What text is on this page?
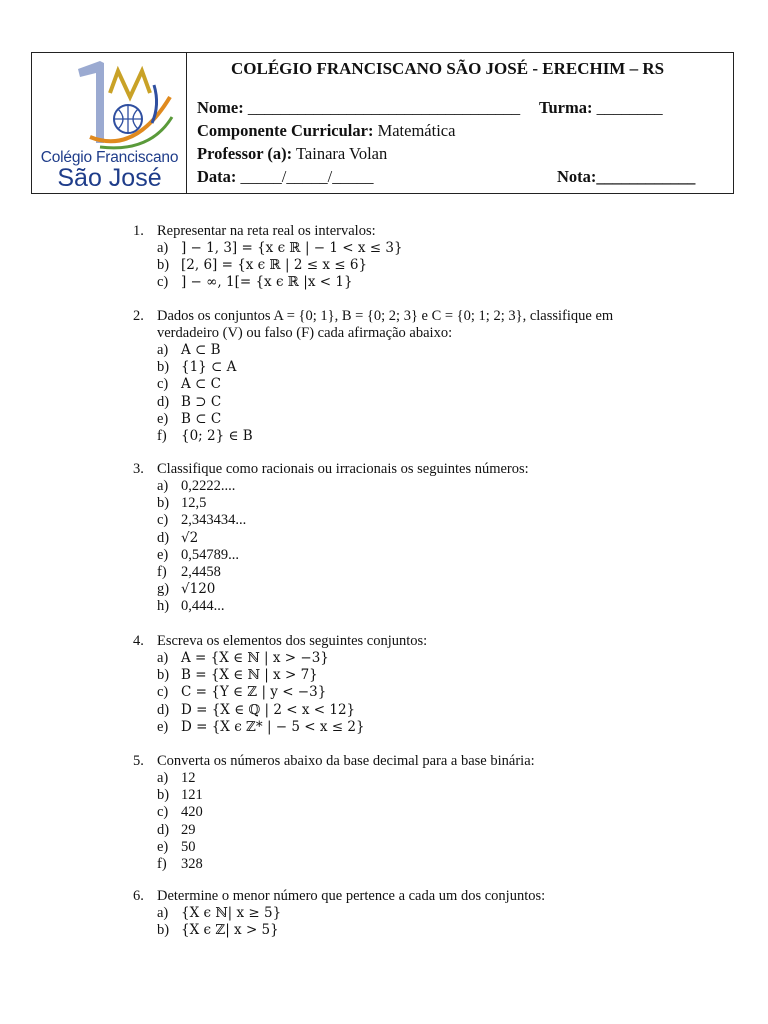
Colégio Franciscano
São José
COLÉGIO FRANCISCANO SÃO JOSÉ - ERECHIM – RS
Nome: _________________________________ Turma: ________
Componente Curricular: Matemática
Professor (a): Tainara Volan
Data: _____/_____/_____	Nota:____________
1. Representar na reta real os intervalos:
a) ] − 1, 3] = {x ϵ ℝ | − 1 < x ≤ 3}
b) [2, 6] = {x ϵ ℝ | 2 ≤ x ≤ 6}
c) ] − ∞, 1[= {x ϵ ℝ |x < 1}
2. Dados os conjuntos A = {0; 1}, B = {0; 2; 3} e C = {0; 1; 2; 3}, classifique em verdadeiro (V) ou falso (F) cada afirmação abaixo:
a) A ⊂ B
b) {1} ⊂ A
c) A ⊂ C
d) B ⊃ C
e) B ⊂ C
f) {0; 2} ∈ B
3. Classifique como racionais ou irracionais os seguintes números:
a) 0,2222....
b) 12,5
c) 2,343434...
d) √2
e) 0,54789...
f) 2,4458
g) √120
h) 0,444...
4. Escreva os elementos dos seguintes conjuntos:
a) A = {X ∈ ℕ | x > −3}
b) B = {X ∈ ℕ | x > 7}
c) C = {Y ∈ ℤ | y < −3}
d) D = {X ∈ ℚ | 2 < x < 12}
e) D = {X ϵ ℤ* | − 5 < x ≤ 2}
5. Converta os números abaixo da base decimal para a base binária:
a) 12
b) 121
c) 420
d) 29
e) 50
f) 328
6. Determine o menor número que pertence a cada um dos conjuntos:
a) {X ϵ ℕ| x ≥ 5}
b) {X ϵ ℤ| x > 5}
